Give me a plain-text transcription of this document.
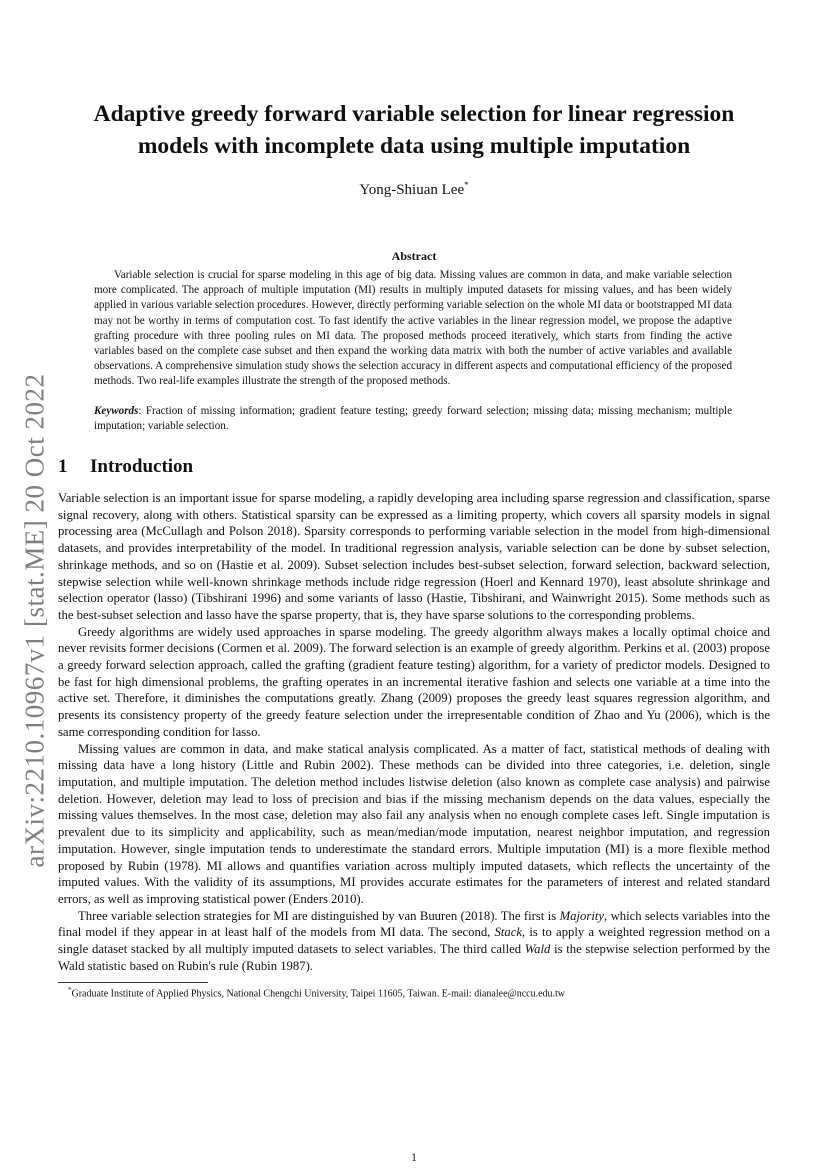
arXiv:2210.10967v1 [stat.ME] 20 Oct 2022
Adaptive greedy forward variable selection for linear regression models with incomplete data using multiple imputation
Yong-Shiuan Lee*
Abstract

Variable selection is crucial for sparse modeling in this age of big data. Missing values are common in data, and make variable selection more complicated. The approach of multiple imputation (MI) results in multiply imputed datasets for missing values, and has been widely applied in various variable selection procedures. However, directly performing variable selection on the whole MI data or bootstrapped MI data may not be worthy in terms of computation cost. To fast identify the active variables in the linear regression model, we propose the adaptive grafting procedure with three pooling rules on MI data. The proposed methods proceed iteratively, which starts from finding the active variables based on the complete case subset and then expand the working data matrix with both the number of active variables and available observations. A comprehensive simulation study shows the selection accuracy in different aspects and computational efficiency of the proposed methods. Two real-life examples illustrate the strength of the proposed methods.

Keywords: Fraction of missing information; gradient feature testing; greedy forward selection; missing data; missing mechanism; multiple imputation; variable selection.

1 Introduction

Variable selection is an important issue for sparse modeling, a rapidly developing area including sparse regression and classification, sparse signal recovery, along with others. Statistical sparsity can be expressed as a limiting property, which covers all sparsity models in signal processing area (McCullagh and Polson 2018). Sparsity corresponds to performing variable selection in the model from high-dimensional datasets, and provides interpretability of the model. In traditional regression analysis, variable selection can be done by subset selection, shrinkage methods, and so on (Hastie et al. 2009). Subset selection includes best-subset selection, forward selection, backward selection, stepwise selection while well-known shrinkage methods include ridge regression (Hoerl and Kennard 1970), least absolute shrinkage and selection operator (lasso) (Tibshirani 1996) and some variants of lasso (Hastie, Tibshirani, and Wainwright 2015). Some methods such as the best-subset selection and lasso have the sparse property, that is, they have sparse solutions to the corresponding problems.

Greedy algorithms are widely used approaches in sparse modeling. The greedy algorithm always makes a locally optimal choice and never revisits former decisions (Cormen et al. 2009). The forward selection is an example of greedy algorithm. Perkins et al. (2003) propose a greedy forward selection approach, called the grafting (gradient feature testing) algorithm, for a variety of predictor models. Designed to be fast for high dimensional problems, the grafting operates in an incremental iterative fashion and selects one variable at a time into the active set. Therefore, it diminishes the computations greatly. Zhang (2009) proposes the greedy least squares regression algorithm, and presents its consistency property of the greedy feature selection under the irrepresentable condition of Zhao and Yu (2006), which is the same corresponding condition for lasso.

Missing values are common in data, and make statical analysis complicated. As a matter of fact, statistical methods of dealing with missing data have a long history (Little and Rubin 2002). These methods can be divided into three categories, i.e. deletion, single imputation, and multiple imputation. The deletion method includes listwise deletion (also known as complete case analysis) and pairwise deletion. However, deletion may lead to loss of precision and bias if the missing mechanism depends on the data values, especially the missing values themselves. In the most case, deletion may also fail any analysis when no enough complete cases left. Single imputation is prevalent due to its simplicity and applicability, such as mean/median/mode imputation, nearest neighbor imputation, and regression imputation. However, single imputation tends to underestimate the standard errors. Multiple imputation (MI) is a more flexible method proposed by Rubin (1978). MI allows and quantifies variation across multiply imputed datasets, which reflects the uncertainty of the imputed values. With the validity of its assumptions, MI provides accurate estimates for the parameters of interest and related standard errors, as well as improving statistical power (Enders 2010).

Three variable selection strategies for MI are distinguished by van Buuren (2018). The first is Majority, which selects variables into the final model if they appear in at least half of the models from MI data. The second, Stack, is to apply a weighted regression method on a single dataset stacked by all multiply imputed datasets to select variables. The third called Wald is the stepwise selection performed by the Wald statistic based on Rubin's rule (Rubin 1987).

*Graduate Institute of Applied Physics, National Chengchi University, Taipei 11605, Taiwan. E-mail: dianalee@nccu.edu.tw
1
